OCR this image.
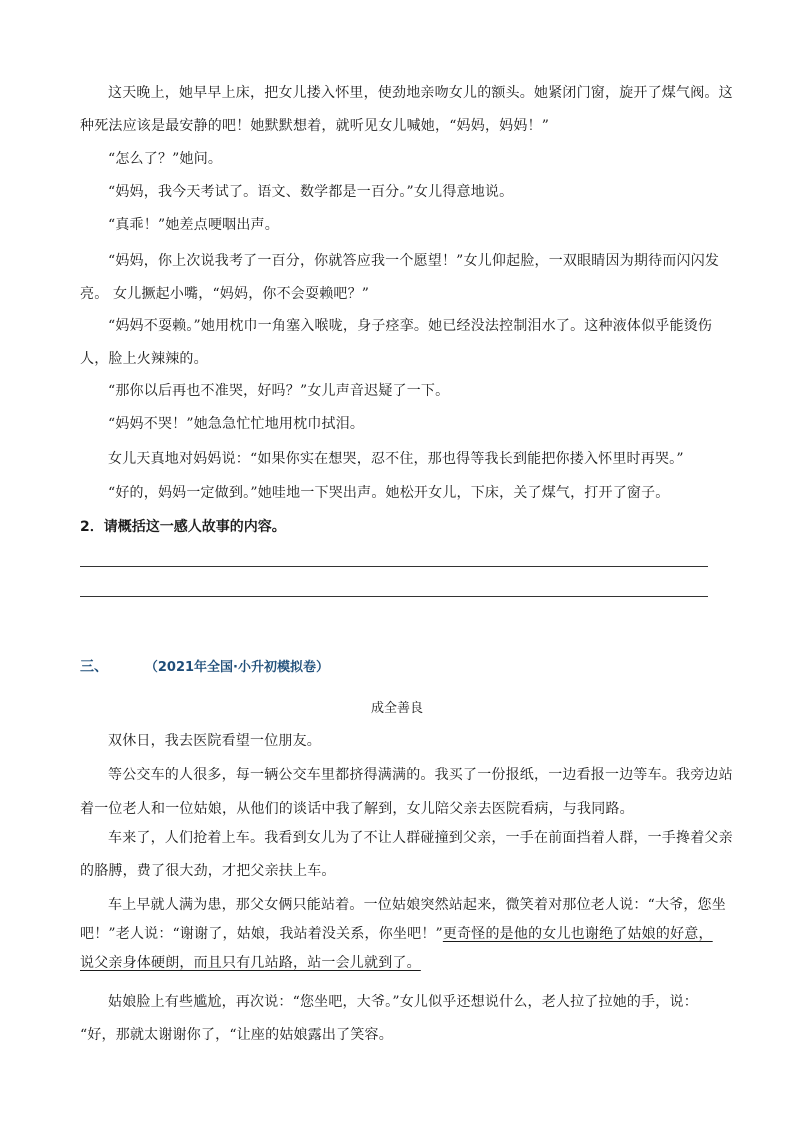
这天晚上，她早早上床，把女儿搂入怀里，使劲地亲吻女儿的额头。她紧闭门窗，旋开了煤气阀。这
种死法应该是最安静的吧！她默默想着，就听见女儿喊她，“妈妈，妈妈！”

“怎么了？”她问。

“妈妈，我今天考试了。语文、数学都是一百分。”女儿得意地说。

“真乖！”她差点哽咽出声。

“妈妈，你上次说我考了一百分，你就答应我一个愿望！”女儿仰起脸，一双眼睛因为期待而闪闪发
亮。 女儿撅起小嘴，“妈妈，你不会耍赖吧？”

“妈妈不耍赖。”她用枕巾一角塞入喉咙，身子痉挛。她已经没法控制泪水了。这种液体似乎能烫伤
人，脸上火辣辣的。

“那你以后再也不准哭，好吗？”女儿声音迟疑了一下。

“妈妈不哭！”她急急忙忙地用枕巾拭泪。

女儿天真地对妈妈说：“如果你实在想哭，忍不住，那也得等我长到能把你搂入怀里时再哭。”

“好的，妈妈一定做到。”她哇地一下哭出声。她松开女儿，下床，关了煤气，打开了窗子。

2．请概括这一感人故事的内容。

三、	（2021年全国·小升初模拟卷）

成全善良

双休日，我去医院看望一位朋友。

等公交车的人很多，每一辆公交车里都挤得满满的。我买了一份报纸，一边看报一边等车。我旁边站
着一位老人和一位姑娘，从他们的谈话中我了解到，女儿陪父亲去医院看病，与我同路。

车来了，人们抢着上车。我看到女儿为了不让人群碰撞到父亲，一手在前面挡着人群，一手搀着父亲
的胳膊，费了很大劲，才把父亲扶上车。

车上早就人满为患，那父女俩只能站着。一位姑娘突然站起来，微笑着对那位老人说：“大爷，您坐
吧！”老人说：“谢谢了，姑娘，我站着没关系，你坐吧！”更奇怪的是他的女儿也谢绝了姑娘的好意，
说父亲身体硬朗，而且只有几站路，站一会儿就到了。

姑娘脸上有些尴尬，再次说：“您坐吧，大爷。”女儿似乎还想说什么，老人拉了拉她的手，说：
“好，那就太谢谢你了，“让座的姑娘露出了笑容。
